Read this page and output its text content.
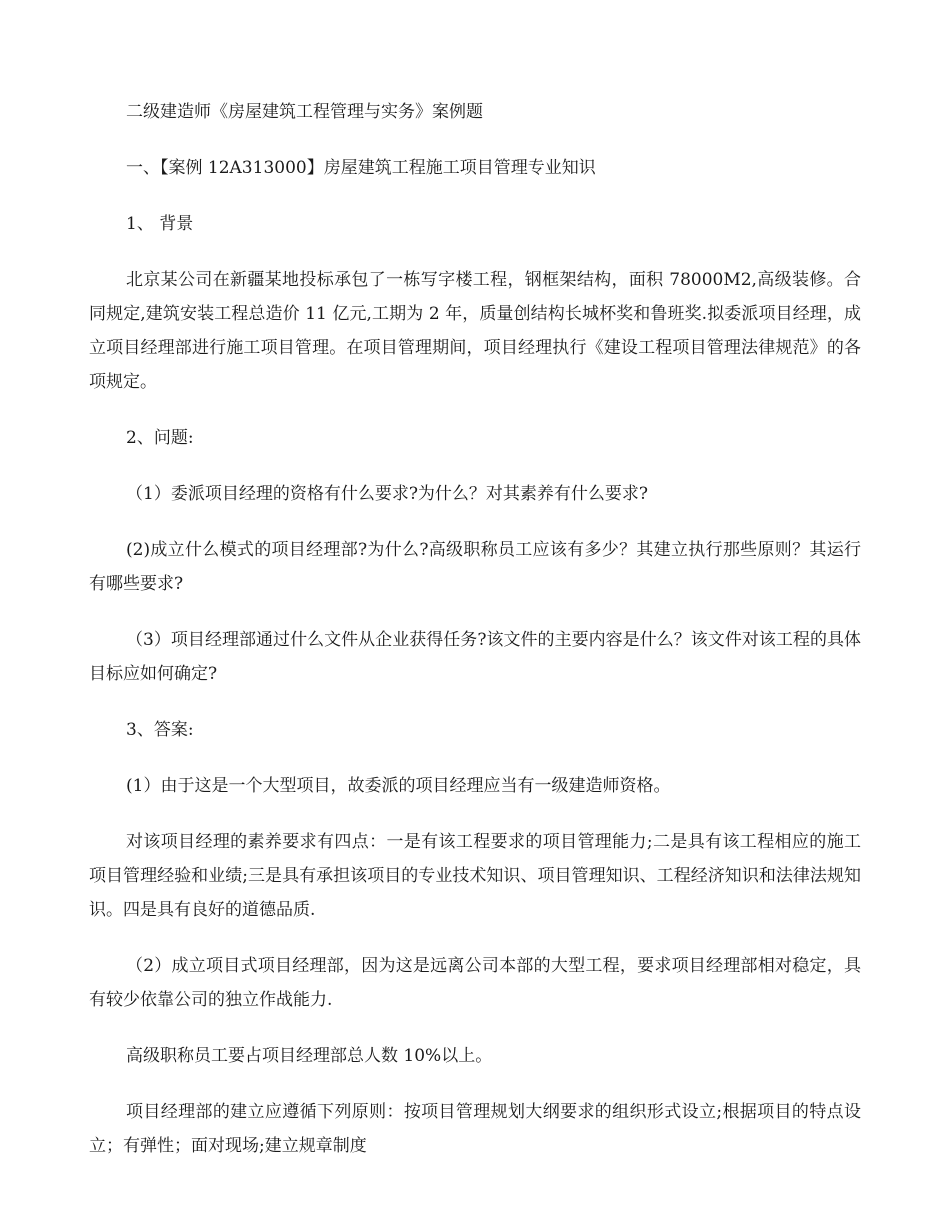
二级建造师《房屋建筑工程管理与实务》案例题

一、【案例 12A313000】房屋建筑工程施工项目管理专业知识

1、 背景

北京某公司在新疆某地投标承包了一栋写字楼工程，钢框架结构，面积 78000M2,高级装修。合同规定,建筑安装工程总造价 11 亿元,工期为 2 年，质量创结构长城杯奖和鲁班奖.拟委派项目经理，成立项目经理部进行施工项目管理。在项目管理期间，项目经理执行《建设工程项目管理法律规范》的各项规定。

2、问题:

（1）委派项目经理的资格有什么要求?为什么？对其素养有什么要求?

(2)成立什么模式的项目经理部?为什么?高级职称员工应该有多少？其建立执行那些原则？其运行有哪些要求?

（3）项目经理部通过什么文件从企业获得任务?该文件的主要内容是什么？该文件对该工程的具体目标应如何确定?

3、答案:

(1）由于这是一个大型项目，故委派的项目经理应当有一级建造师资格。

对该项目经理的素养要求有四点：一是有该工程要求的项目管理能力;二是具有该工程相应的施工项目管理经验和业绩;三是具有承担该项目的专业技术知识、项目管理知识、工程经济知识和法律法规知识。四是具有良好的道德品质.

（2）成立项目式项目经理部，因为这是远离公司本部的大型工程，要求项目经理部相对稳定，具有较少依靠公司的独立作战能力.

高级职称员工要占项目经理部总人数 10%以上。

项目经理部的建立应遵循下列原则：按项目管理规划大纲要求的组织形式设立;根据项目的特点设立；有弹性；面对现场;建立规章制度
